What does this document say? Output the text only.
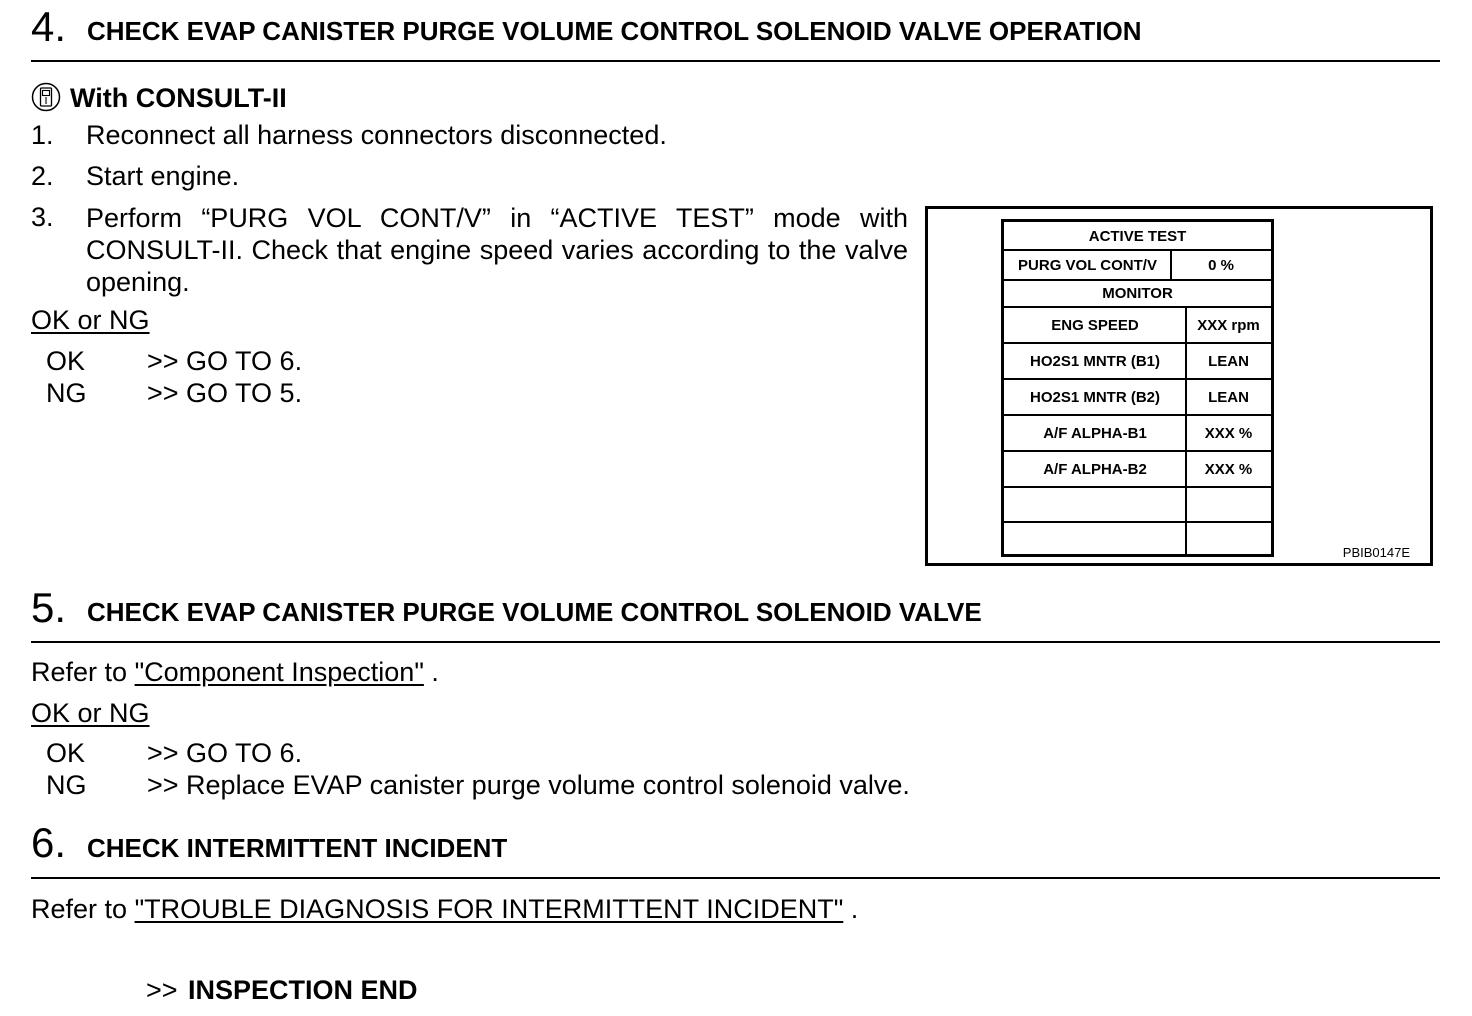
4. CHECK EVAP CANISTER PURGE VOLUME CONTROL SOLENOID VALVE OPERATION
With CONSULT-II
1. Reconnect all harness connectors disconnected.
2. Start engine.
3. Perform “PURG VOL CONT/V” in “ACTIVE TEST” mode with CONSULT-II. Check that engine speed varies according to the valve opening.
OK or NG
OK >> GO TO 6.
NG >> GO TO 5.
PBIB0147E
ACTIVE TEST
PURG VOL CONT/V	0 %
MONITOR
ENG SPEED	XXX rpm
HO2S1 MNTR (B1)	LEAN
HO2S1 MNTR (B2)	LEAN
A/F ALPHA-B1	XXX %
A/F ALPHA-B2	XXX %
5. CHECK EVAP CANISTER PURGE VOLUME CONTROL SOLENOID VALVE
Refer to "Component Inspection" .
OK or NG
OK >> GO TO 6.
NG >> Replace EVAP canister purge volume control solenoid valve.
6. CHECK INTERMITTENT INCIDENT
Refer to "TROUBLE DIAGNOSIS FOR INTERMITTENT INCIDENT" .
>> INSPECTION END
